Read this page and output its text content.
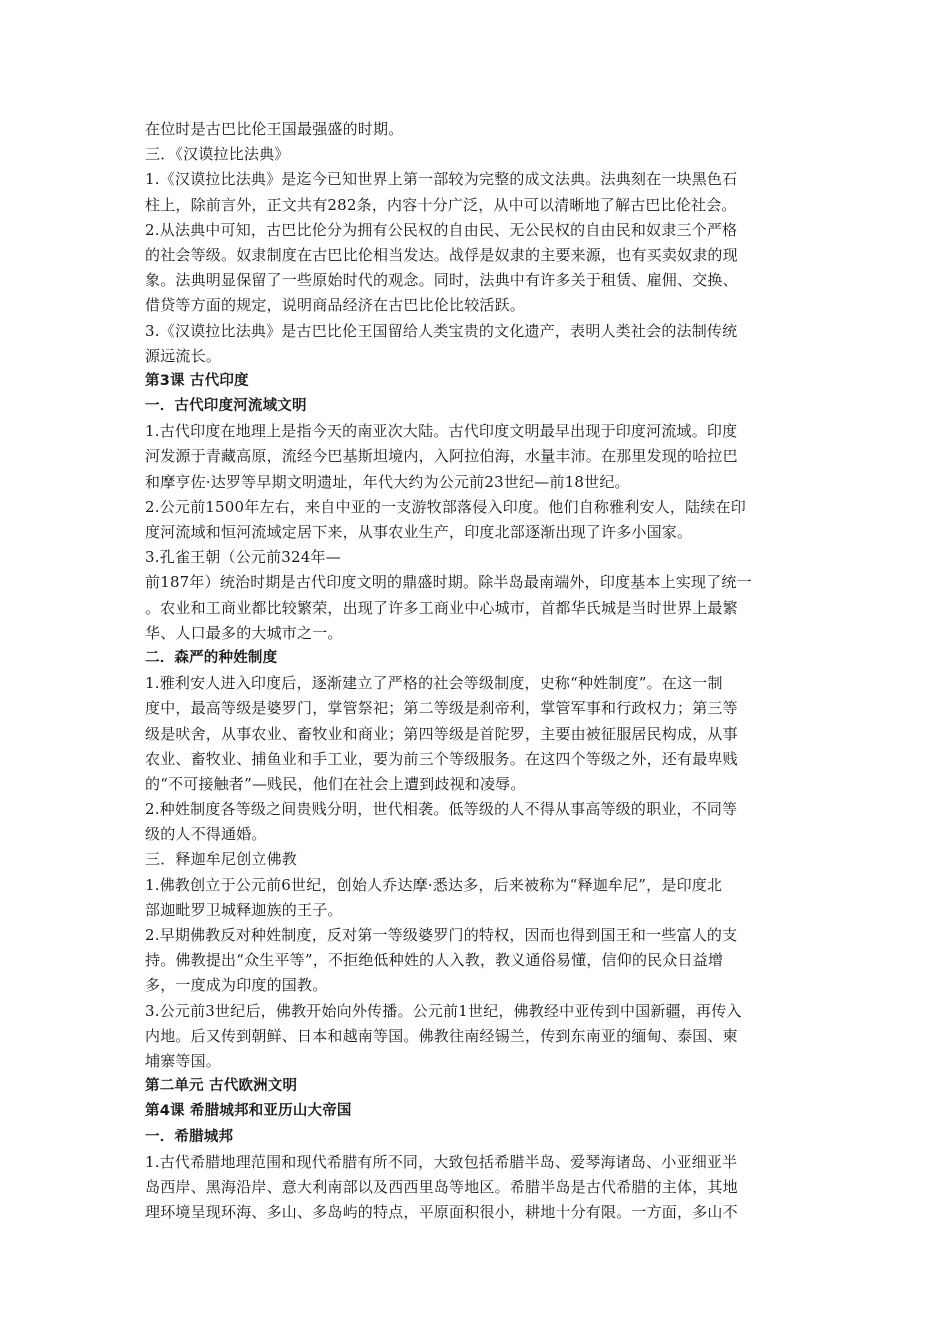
在位时是古巴比伦王国最强盛的时期。
三．《汉谟拉比法典》
1.《汉谟拉比法典》是迄今已知世界上第一部较为完整的成文法典。法典刻在一块黑色石
柱上，除前言外，正文共有282条，内容十分广泛，从中可以清晰地了解古巴比伦社会。
2.从法典中可知，古巴比伦分为拥有公民权的自由民、无公民权的自由民和奴隶三个严格
的社会等级。奴隶制度在古巴比伦相当发达。战俘是奴隶的主要来源，也有买卖奴隶的现
象。法典明显保留了一些原始时代的观念。同时，法典中有许多关于租赁、雇佣、交换、
借贷等方面的规定，说明商品经济在古巴比伦比较活跃。
3.《汉谟拉比法典》是古巴比伦王国留给人类宝贵的文化遗产，表明人类社会的法制传统
源远流长。
第3课 古代印度
一．古代印度河流域文明
1.古代印度在地理上是指今天的南亚次大陆。古代印度文明最早出现于印度河流域。印度
河发源于青藏高原，流经今巴基斯坦境内，入阿拉伯海，水量丰沛。在那里发现的哈拉巴
和摩亨佐·达罗等早期文明遗址，年代大约为公元前23世纪—前18世纪。
2.公元前1500年左右，来自中亚的一支游牧部落侵入印度。他们自称雅利安人，陆续在印
度河流域和恒河流域定居下来，从事农业生产，印度北部逐渐出现了许多小国家。
3.孔雀王朝（公元前324年—
前187年）统治时期是古代印度文明的鼎盛时期。除半岛最南端外，印度基本上实现了统一
。农业和工商业都比较繁荣，出现了许多工商业中心城市，首都华氏城是当时世界上最繁
华、人口最多的大城市之一。
二．森严的种姓制度
1.雅利安人进入印度后，逐渐建立了严格的社会等级制度，史称“种姓制度”。在这一制
度中，最高等级是婆罗门，掌管祭祀；第二等级是刹帝利，掌管军事和行政权力；第三等
级是吠舍，从事农业、畜牧业和商业；第四等级是首陀罗，主要由被征服居民构成，从事
农业、畜牧业、捕鱼业和手工业，要为前三个等级服务。在这四个等级之外，还有最卑贱
的“不可接触者”—贱民，他们在社会上遭到歧视和凌辱。
2.种姓制度各等级之间贵贱分明，世代相袭。低等级的人不得从事高等级的职业，不同等
级的人不得通婚。
三．释迦牟尼创立佛教
1.佛教创立于公元前6世纪，创始人乔达摩·悉达多，后来被称为“释迦牟尼”，是印度北
部迦毗罗卫城释迦族的王子。
2.早期佛教反对种姓制度，反对第一等级婆罗门的特权，因而也得到国王和一些富人的支
持。佛教提出“众生平等”，不拒绝低种姓的人入教，教义通俗易懂，信仰的民众日益增
多，一度成为印度的国教。
3.公元前3世纪后，佛教开始向外传播。公元前1世纪，佛教经中亚传到中国新疆，再传入
内地。后又传到朝鲜、日本和越南等国。佛教往南经锡兰，传到东南亚的缅甸、泰国、柬
埔寨等国。
第二单元 古代欧洲文明
第4课 希腊城邦和亚历山大帝国
一．希腊城邦
1.古代希腊地理范围和现代希腊有所不同，大致包括希腊半岛、爱琴海诸岛、小亚细亚半
岛西岸、黑海沿岸、意大利南部以及西西里岛等地区。希腊半岛是古代希腊的主体，其地
理环境呈现环海、多山、多岛屿的特点，平原面积很小，耕地十分有限。一方面，多山不
